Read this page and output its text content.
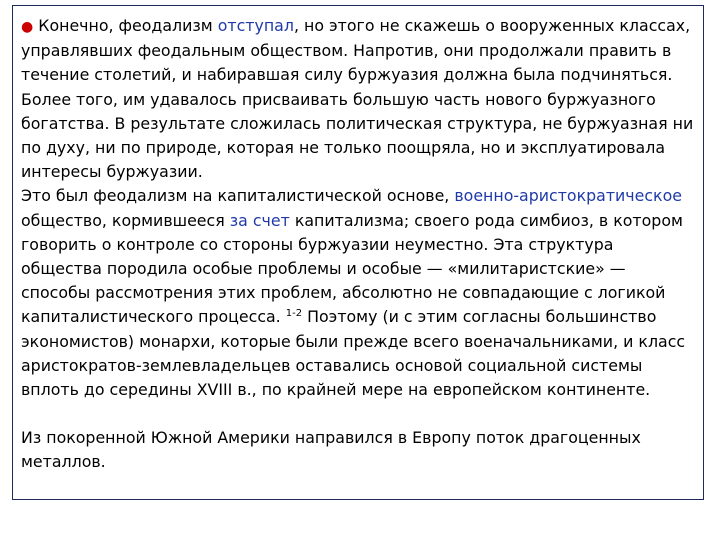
● Конечно, феодализм отступал, но этого не скажешь о вооруженных классах, управлявших феодальным обществом. Напротив, они продолжали править в течение столетий, и набиравшая силу буржуазия должна была подчиняться. Более того, им удавалось присваивать большую часть нового буржуазного богатства. В результате сложилась политическая структура, не буржуазная ни по духу, ни по природе, которая не только поощряла, но и эксплуатировала интересы буржуазии.

Это был феодализм на капиталистической основе, военно-аристократическое общество, кормившееся за счет капитализма; своего рода симбиоз, в котором говорить о контроле со стороны буржуазии неуместно. Эта структура общества породила особые проблемы и особые — «милитаристские» — способы рассмотрения этих проблем, абсолютно не совпадающие с логикой капиталистического процесса. $^{1-2}$ Поэтому (и с этим согласны большинство экономистов) монархи, которые были прежде всего военачальниками, и класс аристократов-землевладельцев оставались основой социальной системы вплоть до середины XVIII в., по крайней мере на европейском континенте.

Из покоренной Южной Америки направился в Европу поток драгоценных металлов.
